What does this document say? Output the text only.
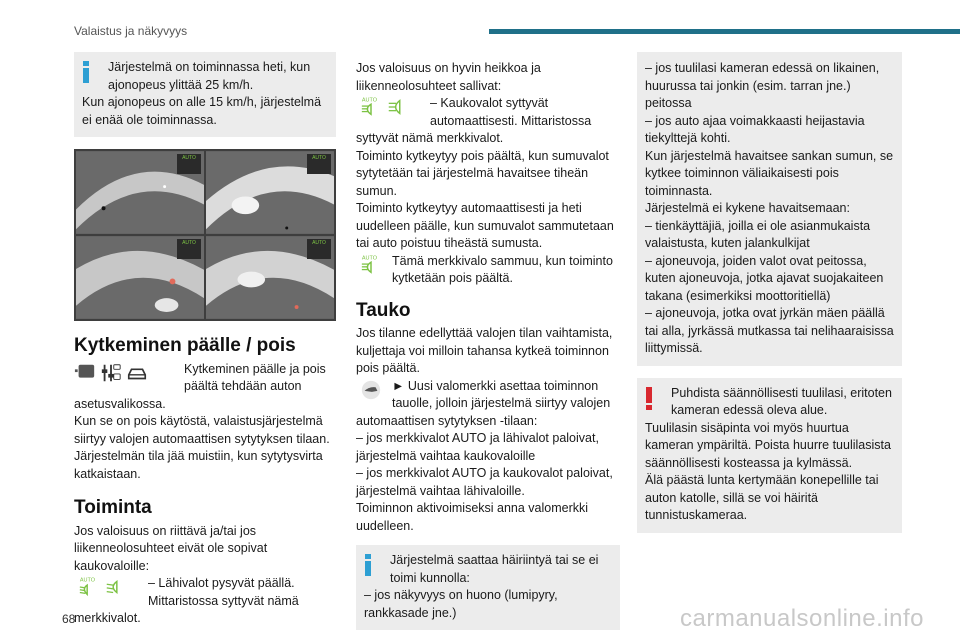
Valaistus ja näkyvyys

Järjestelmä on toiminnassa heti, kun ajonopeus ylittää 25 km/h.

Kun ajonopeus on alle 15 km/h, järjestelmä ei enää ole toiminnassa.

AUTO	AUTO
AUTO	AUTO
Kytkeminen päälle / pois

Kytkeminen päälle ja pois päältä tehdään auton

asetusvalikossa.

Kun se on pois käytöstä, valaistusjärjestelmä siirtyy valojen automaattisen sytytyksen tilaan.

Järjestelmän tila jää muistiin, kun sytytysvirta katkaistaan.

Toiminta

Jos valoisuus on riittävä ja/tai jos liikenneolosuhteet eivät ole sopivat kaukovaloille:

AUTO	– Lähivalot pysyvät päällä. Mittaristossa syttyvät nämä

merkkivalot.

Jos valoisuus on hyvin heikkoa ja liikenneolosuhteet sallivat:

AUTO	– Kaukovalot syttyvät automaattisesti. Mittaristossa

syttyvät nämä merkkivalot.

Toiminto kytkeytyy pois päältä, kun sumuvalot sytytetään tai järjestelmä havaitsee tiheän sumun.

Toiminto kytkeytyy automaattisesti ja heti uudelleen päälle, kun sumuvalot sammutetaan tai auto poistuu tiheästä sumusta.

AUTO Tämä merkkivalo sammuu, kun toiminto kytketään pois päältä.

Tauko

Jos tilanne edellyttää valojen tilan vaihtamista, kuljettaja voi milloin tahansa kytkeä toiminnon pois päältä.

► Uusi valomerkki asettaa toiminnon tauolle, jolloin järjestelmä siirtyy valojen

automaattisen sytytyksen -tilaan:

– jos merkkivalot AUTO ja lähivalot paloivat, järjestelmä vaihtaa kaukovaloille

– jos merkkivalot AUTO ja kaukovalot paloivat, järjestelmä vaihtaa lähivaloille.

Toiminnon aktivoimiseksi anna valomerkki uudelleen.

Järjestelmä saattaa häiriintyä tai se ei toimi kunnolla:

– jos näkyvyys on huono (lumipyry, rankkasade jne.)

– jos tuulilasi kameran edessä on likainen, huurussa tai jonkin (esim. tarran jne.) peitossa

– jos auto ajaa voimakkaasti heijastavia tiekylttejä kohti.

Kun järjestelmä havaitsee sankan sumun, se kytkee toiminnon väliaikaisesti pois toiminnasta.

Järjestelmä ei kykene havaitsemaan:

– tienkäyttäjiä, joilla ei ole asianmukaista valaistusta, kuten jalankulkijat

– ajoneuvoja, joiden valot ovat peitossa, kuten ajoneuvoja, jotka ajavat suojakaiteen takana (esimerkiksi moottoritiellä)

– ajoneuvoja, jotka ovat jyrkän mäen päällä tai alla, jyrkässä mutkassa tai nelihaaraisissa liittymissä.

Puhdista säännöllisesti tuulilasi, eritoten kameran edessä oleva alue.

Tuulilasin sisäpinta voi myös huurtua kameran ympäriltä. Poista huurre tuulilasista säännöllisesti kosteassa ja kylmässä.

Älä päästä lunta kertymään konepellille tai auton katolle, sillä se voi häiritä tunnistuskameraa.

68	carmanualsonline.info
